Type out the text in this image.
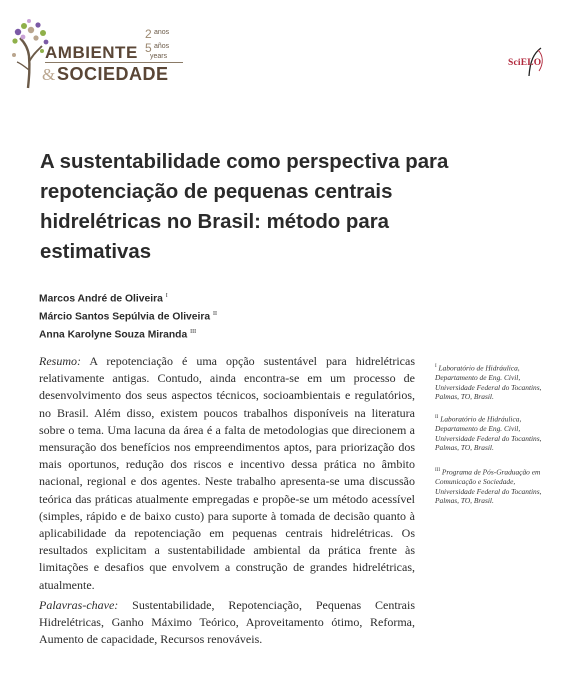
2
5
anos
años
years
AMBIENTE
& SOCIEDADE
SciELO
A sustentabilidade como perspectiva para repotenciação de pequenas centrais hidrelétricas no Brasil: método para estimativas
Marcos André de Oliveira $^I$
Márcio Santos Sepúlvia de Oliveira $^{II}$
Anna Karolyne Souza Miranda $^{III}$

Resumo: A repotenciação é uma opção sustentável para hidrelétricas relativamente antigas. Contudo, ainda encontra-se em um processo de desenvolvimento dos seus aspectos técnicos, socioambientais e regulatórios, no Brasil. Além disso, existem poucos trabalhos disponíveis na literatura sobre o tema. Uma lacuna da área é a falta de metodologias que direcionem a mensuração dos benefícios nos empreendimentos aptos, para priorização dos mais oportunos, redução dos riscos e incentivo dessa prática no âmbito nacional, regional e dos agentes. Neste trabalho apresenta-se uma discussão teórica das práticas atualmente empregadas e propõe-se um método acessível (simples, rápido e de baixo custo) para suporte à tomada de decisão quanto à aplicabilidade da repotenciação em pequenas centrais hidrelétricas. Os resultados explicitam a sustentabilidade ambiental da prática frente às limitações e desafios que envolvem a construção de grandes hidrelétricas, atualmente.

Palavras-chave: Sustentabilidade, Repotenciação, Pequenas Centrais Hidrelétricas, Ganho Máximo Teórico, Aproveitamento ótimo, Reforma, Aumento de capacidade, Recursos renováveis.

$^I$ Laboratório de Hidráulica, Departamento de Eng. Civil, Universidade Federal do Tocantins, Palmas, TO, Brasil.
$^{II}$ Laboratório de Hidráulica, Departamento de Eng. Civil, Universidade Federal do Tocantins, Palmas, TO, Brasil.
$^{III}$ Programa de Pós-Graduação em Comunicação e Sociedade, Universidade Federal do Tocantins, Palmas, TO, Brasil.
